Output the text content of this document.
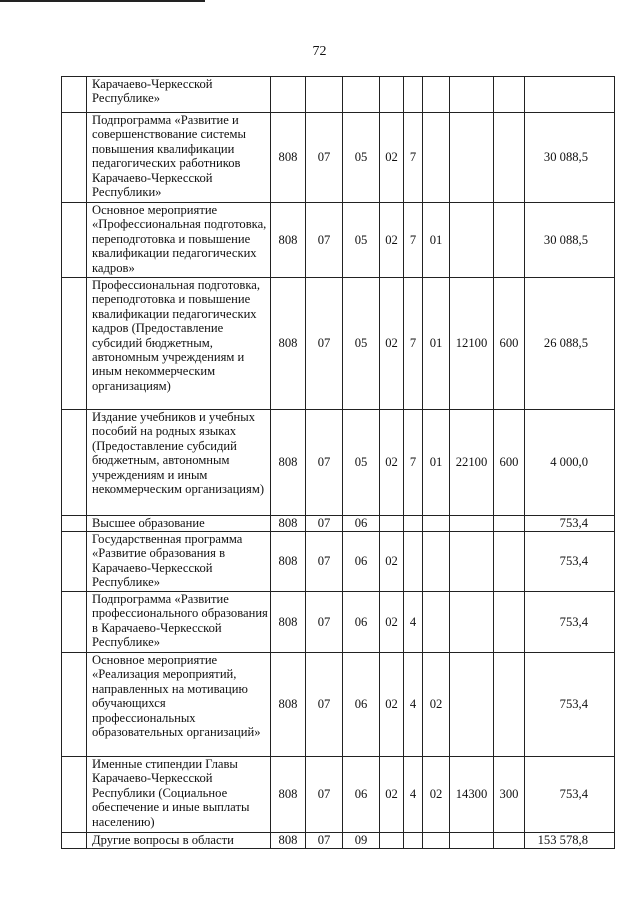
72
	Карачаево-Черкесской Республике»									
	Подпрограмма «Развитие и совершенствование системы повышения квалификации педагогических работников Карачаево-Черкесской Республики»	808	07	05	02	7				30 088,5
	Основное мероприятие «Профессиональная подготовка, переподготовка и повышение квалификации педагогических кадров»	808	07	05	02	7	01			30 088,5
	Профессиональная подготовка, переподготовка и повышение квалификации педагогических кадров (Предоставление субсидий бюджетным, автономным учреждениям и иным некоммерческим организациям)	808	07	05	02	7	01	12100	600	26 088,5
	Издание учебников и учебных пособий на родных языках (Предоставление субсидий бюджетным, автономным учреждениям и иным некоммерческим организациям)	808	07	05	02	7	01	22100	600	4 000,0
	Высшее образование	808	07	06						753,4
	Государственная программа «Развитие образования в Карачаево-Черкесской Республике»	808	07	06	02					753,4
	Подпрограмма «Развитие профессионального образования в Карачаево-Черкесской Республике»	808	07	06	02	4				753,4
	Основное мероприятие «Реализация мероприятий, направленных на мотивацию обучающихся профессиональных образовательных организаций»	808	07	06	02	4	02			753,4
	Именные стипендии Главы Карачаево-Черкесской Республики (Социальное обеспечение и иные выплаты населению)	808	07	06	02	4	02	14300	300	753,4
	Другие вопросы в области	808	07	09						153 578,8
